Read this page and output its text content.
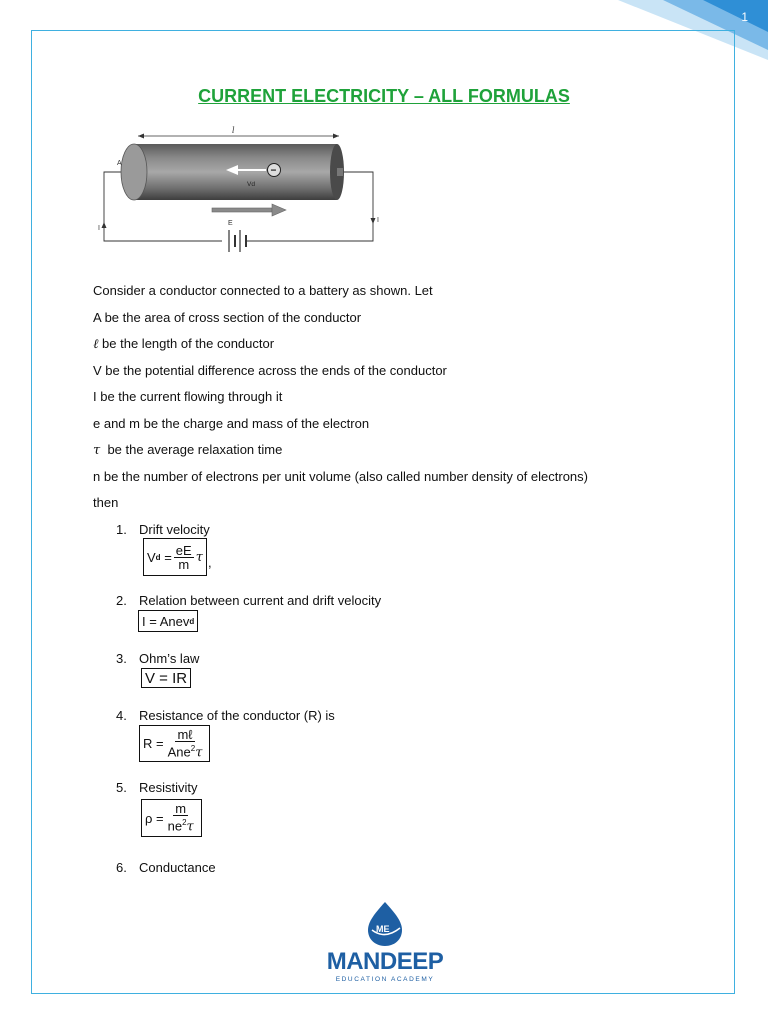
1
CURRENT ELECTRICITY – ALL FORMULAS
l
E
A
−
Vd
I
I
Consider a conductor connected to a battery as shown. Let
A be the area of cross section of the conductor
ℓ be the length of the conductor
V be the potential difference across the ends of the conductor
I be the current flowing through it
e and m be the charge and mass of the electron
τ be the average relaxation time
n be the number of electrons per unit volume (also called number density of electrons)
then
1. Drift velocity
V d
= $\frac{eE}{m}$ τ ,
2. Relation between current and drift velocity
I = Anev d
3. Ohm’s law
V = IR
4. Resistance of the conductor (R) is
$R = \frac{\text{mℓ}}{Ane^2\tau}$
5. Resistivity
$\rho = \frac{m}{ne^2\tau}$
6. Conductance
ME
MANDEEP
EDUCATION ACADEMY
